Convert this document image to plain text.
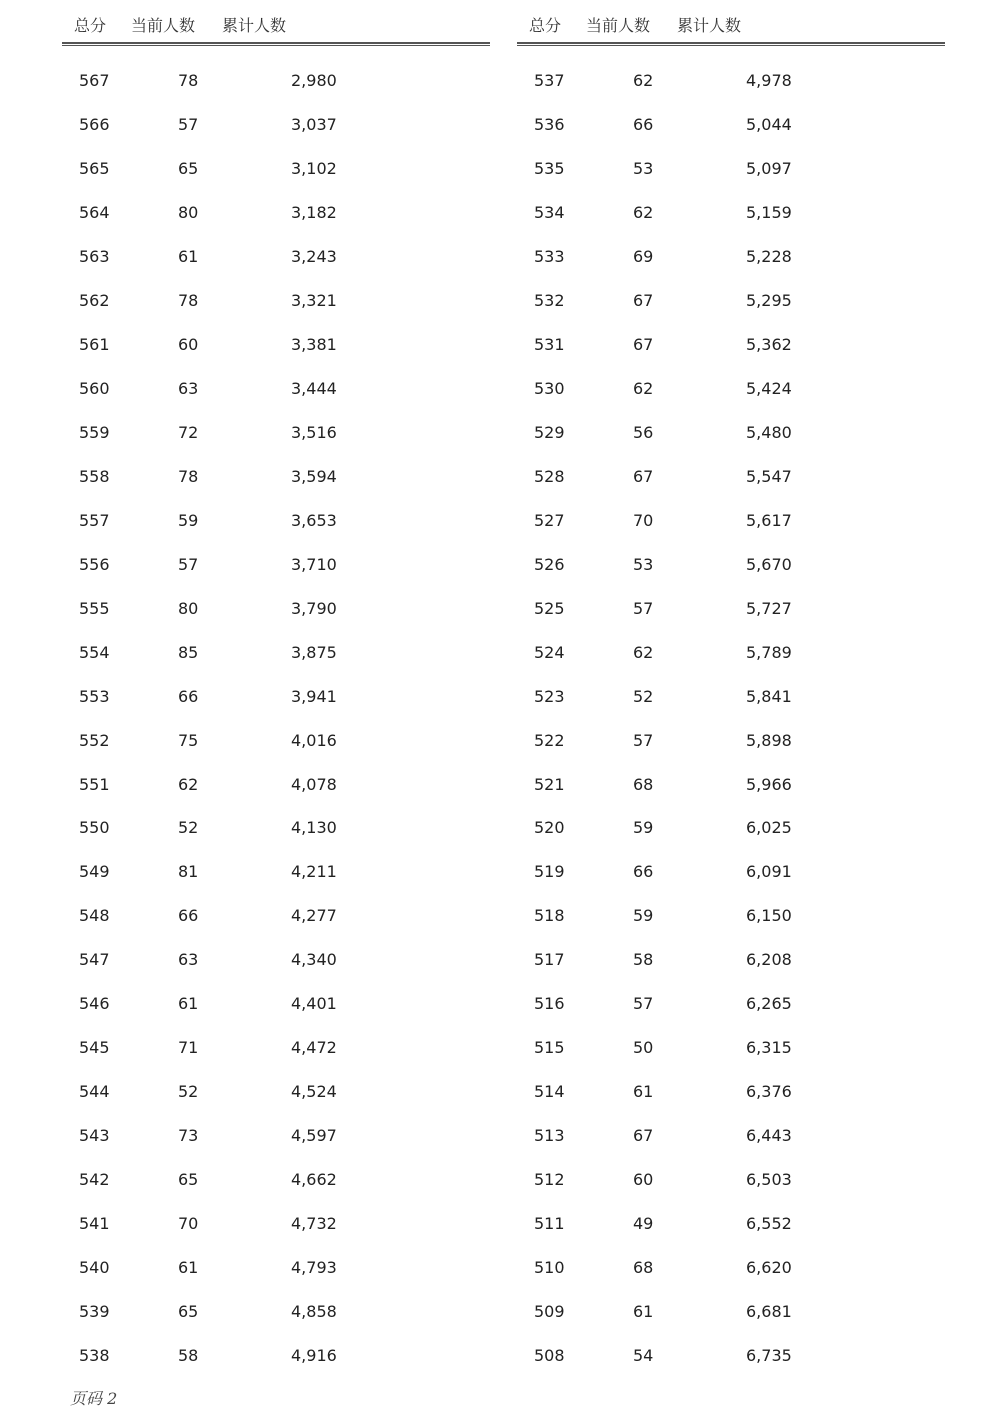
总分 当前人数 累计人数
567	78	2,980
566	57	3,037
565	65	3,102
564	80	3,182
563	61	3,243
562	78	3,321
561	60	3,381
560	63	3,444
559	72	3,516
558	78	3,594
557	59	3,653
556	57	3,710
555	80	3,790
554	85	3,875
553	66	3,941
552	75	4,016
551	62	4,078
550	52	4,130
549	81	4,211
548	66	4,277
547	63	4,340
546	61	4,401
545	71	4,472
544	52	4,524
543	73	4,597
542	65	4,662
541	70	4,732
540	61	4,793
539	65	4,858
538	58	4,916
总分 当前人数 累计人数
537	62	4,978
536	66	5,044
535	53	5,097
534	62	5,159
533	69	5,228
532	67	5,295
531	67	5,362
530	62	5,424
529	56	5,480
528	67	5,547
527	70	5,617
526	53	5,670
525	57	5,727
524	62	5,789
523	52	5,841
522	57	5,898
521	68	5,966
520	59	6,025
519	66	6,091
518	59	6,150
517	58	6,208
516	57	6,265
515	50	6,315
514	61	6,376
513	67	6,443
512	60	6,503
511	49	6,552
510	68	6,620
509	61	6,681
508	54	6,735
页码 2
